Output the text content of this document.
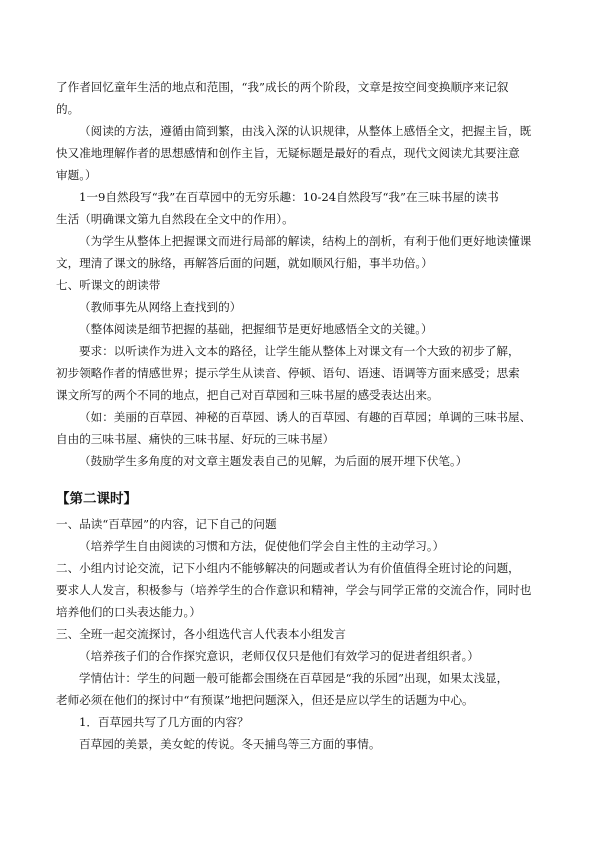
了作者回忆童年生活的地点和范围，“我”成长的两个阶段，文章是按空间变换顺序来记叙

的。

（阅读的方法，遵循由简到繁，由浅入深的认识规律，从整体上感悟全文，把握主旨，既

快又准地理解作者的思想感情和创作主旨，无疑标题是最好的看点，现代文阅读尤其要注意

审题。）

1一9自然段写“我”在百草园中的无穷乐趣：10-24自然段写“我”在三味书屋的读书

生活（明确课文第九自然段在全文中的作用）。

（为学生从整体上把握课文而进行局部的解读，结构上的剖析，有利于他们更好地读懂课

文，理清了课文的脉络，再解答后面的问题，就如顺风行船，事半功倍。）

七、听课文的朗读带

（教师事先从网络上查找到的）

（整体阅读是细节把握的基础，把握细节是更好地感悟全文的关键。）

要求：以听读作为进入文本的路径，让学生能从整体上对课文有一个大致的初步了解，

初步领略作者的情感世界；提示学生从读音、停顿、语句、语速、语调等方面来感受；思索

课文所写的两个不同的地点，把自己对百草园和三味书屋的感受表达出来。

（如：美丽的百草园、神秘的百草园、诱人的百草园、有趣的百草园；单调的三味书屋、

自由的三味书屋、痛快的三味书屋、好玩的三味书屋）

（鼓励学生多角度的对文章主题发表自己的见解，为后面的展开埋下伏笔。）

【第二课时】

一、品读“百草园”的内容，记下自己的问题

（培养学生自由阅读的习惯和方法，促使他们学会自主性的主动学习。）

二、小组内讨论交流，记下小组内不能够解决的问题或者认为有价值值得全班讨论的问题，

要求人人发言，积极参与（培养学生的合作意识和精神，学会与同学正常的交流合作，同时也

培养他们的口头表达能力。）

三、全班一起交流探讨，各小组选代言人代表本小组发言

（培养孩子们的合作探究意识，老师仅仅只是他们有效学习的促进者组织者。）

学情估计：学生的问题一般可能都会围绕在百草园是“我的乐园”出现，如果太浅显，

老师必须在他们的探讨中“有预谋”地把问题深入，但还是应以学生的话题为中心。

1．百草园共写了几方面的内容？

百草园的美景，美女蛇的传说。冬天捕鸟等三方面的事情。
